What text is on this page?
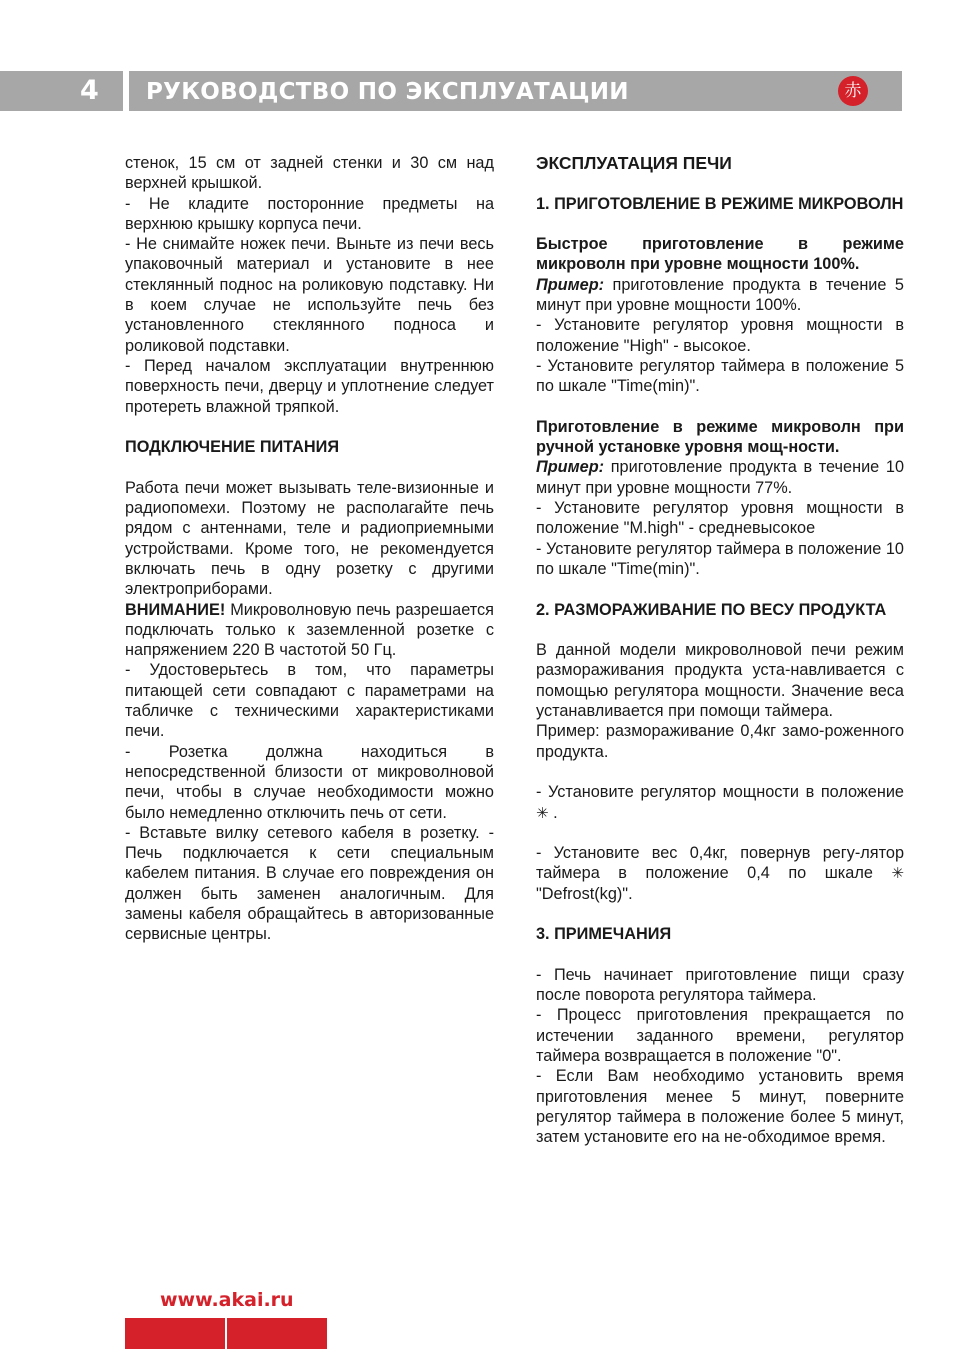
4 РУКОВОДСТВО ПО ЭКСПЛУАТАЦИИ	赤

стенок, 15 см от задней стенки и 30 см над верхней крышкой.

- Не кладите посторонние предметы на верхнюю крышку корпуса печи.

- Не снимайте ножек печи. Выньте из печи весь упаковочный материал и установите в нее стеклянный поднос на роликовую подставку. Ни в коем случае не используйте печь без установленного стеклянного подноса и роликовой подставки.

- Перед началом эксплуатации внутреннюю поверхность печи, дверцу и уплотнение следует протереть влажной тряпкой.

ПОДКЛЮЧЕНИЕ ПИТАНИЯ

Работа печи может вызывать теле-визионные и радиопомехи. Поэтому не располагайте печь рядом с антеннами, теле и радиоприемными устройствами. Кроме того, не рекомендуется включать печь в одну розетку с другими электроприборами.

ВНИМАНИЕ! Микроволновую печь разрешается подключать только к заземленной розетке с напряжением 220 В частотой 50 Гц.

- Удостоверьтесь в том, что параметры питающей сети совпадают с параметрами на табличке с техническими характеристиками печи.

- Розетка должна находиться в непосредственной близости от микроволновой печи, чтобы в случае необходимости можно было немедленно отключить печь от сети.

- Вставьте вилку сетевого кабеля в розетку. - Печь подключается к сети специальным кабелем питания. В случае его повреждения он должен быть заменен аналогичным. Для замены кабеля обращайтесь в авторизованные сервисные центры.

ЭКСПЛУАТАЦИЯ ПЕЧИ

1. ПРИГОТОВЛЕНИЕ В РЕЖИМЕ МИКРОВОЛН

Быстрое приготовление в режиме микроволн при уровне мощности 100%.

Пример: приготовление продукта в течение 5 минут при уровне мощности 100%.

- Установите регулятор уровня мощности в положение "High" - высокое.

- Установите регулятор таймера в положение 5 по шкале "Time(min)".

Приготовление в режиме микроволн при ручной установке уровня мощ-ности.

Пример: приготовление продукта в течение 10 минут при уровне мощности 77%.

- Установите регулятор уровня мощности в положение "M.high" - средневысокое

- Установите регулятор таймера в положение 10 по шкале "Time(min)".

2. РАЗМОРАЖИВАНИЕ ПО ВЕСУ ПРОДУКТА

В данной модели микроволновой печи режим размораживания продукта уста-навливается с помощью регулятора мощности. Значение веса устанавливается при помощи таймера.

Пример: размораживание 0,4кг замо-роженного продукта.

- Установите регулятор мощности в положение ✳ .

- Установите вес 0,4кг, повернув регу-лятор таймера в положение 0,4 по шкале ✳ "Defrost(kg)".

3. ПРИМЕЧАНИЯ

- Печь начинает приготовление пищи сразу после поворота регулятора таймера.

- Процесс приготовления прекращается по истечении заданного времени, регулятор таймера возвращается в положение "0".

- Если Вам необходимо установить время приготовления менее 5 минут, поверните регулятор таймера в положение более 5 минут, затем установите его на не-обходимое время.

www.akai.ru
